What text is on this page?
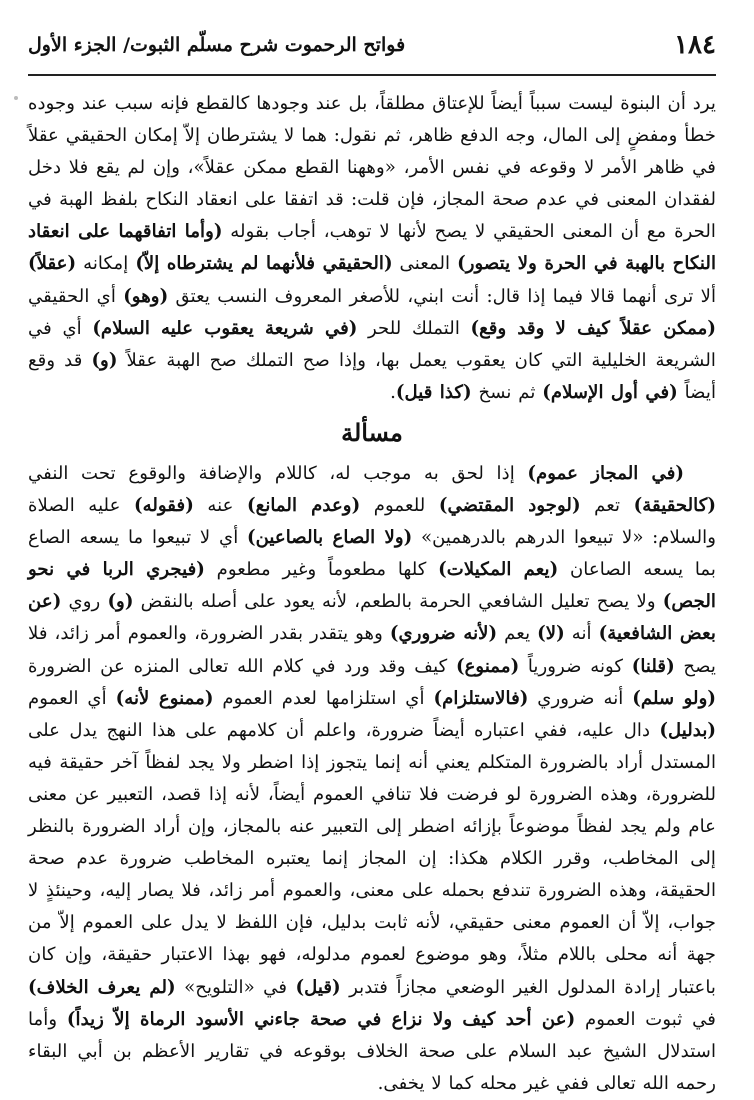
١٨٤
فواتح الرحموت شرح مسلّم الثبوت/ الجزء الأول
يرد أن البنوة ليست سبباً أيضاً للإعتاق مطلقاً، بل عند وجودها كالقطع فإنه سبب عند وجوده خطأ ومفضٍ إلى المال، وجه الدفع ظاهر، ثم نقول: هما لا يشترطان إلاّ إمكان الحقيقي عقلاً في ظاهر الأمر لا وقوعه في نفس الأمر، «وههنا القطع ممكن عقلاً»، وإن لم يقع فلا دخل لفقدان المعنى في عدم صحة المجاز، فإن قلت: قد اتفقا على انعقاد النكاح بلفظ الهبة في الحرة مع أن المعنى الحقيقي لا يصح لأنها لا توهب، أجاب بقوله (وأما اتفاقهما على انعقاد النكاح بالهبة في الحرة ولا يتصور) المعنى (الحقيقي فلأنهما لم يشترطاه إلاّ) إمكانه (عقلاً) ألا ترى أنهما قالا فيما إذا قال: أنت ابني، للأصغر المعروف النسب يعتق (وهو) أي الحقيقي (ممكن عقلاً كيف لا وقد وقع) التملك للحر (في شريعة يعقوب عليه السلام) أي في الشريعة الخليلية التي كان يعقوب يعمل بها، وإذا صح التملك صح الهبة عقلاً (و) قد وقع أيضاً (في أول الإسلام) ثم نسخ (كذا قيل).
مسألة
(في المجاز عموم) إذا لحق به موجب له، كاللام والإضافة والوقوع تحت النفي (كالحقيقة) تعم (لوجود المقتضي) للعموم (وعدم المانع) عنه (فقوله) عليه الصلاة والسلام: «لا تبيعوا الدرهم بالدرهمين» (ولا الصاع بالصاعين) أي لا تبيعوا ما يسعه الصاع بما يسعه الصاعان (يعم المكيلات) كلها مطعوماً وغير مطعوم (فيجري الربا في نحو الجص) ولا يصح تعليل الشافعي الحرمة بالطعم، لأنه يعود على أصله بالنقض (و) روي (عن بعض الشافعية) أنه (لا) يعم (لأنه ضروري) وهو يتقدر بقدر الضرورة، والعموم أمر زائد، فلا يصح (قلنا) كونه ضرورياً (ممنوع) كيف وقد ورد في كلام الله تعالى المنزه عن الضرورة (ولو سلم) أنه ضروري (فالاستلزام) أي استلزامها لعدم العموم (ممنوع لأنه) أي العموم (بدليل) دال عليه، ففي اعتباره أيضاً ضرورة، واعلم أن كلامهم على هذا النهج يدل على المستدل أراد بالضرورة المتكلم يعني أنه إنما يتجوز إذا اضطر ولا يجد لفظاً آخر حقيقة فيه للضرورة، وهذه الضرورة لو فرضت فلا تنافي العموم أيضاً، لأنه إذا قصد، التعبير عن معنى عام ولم يجد لفظاً موضوعاً بإزائه اضطر إلى التعبير عنه بالمجاز، وإن أراد الضرورة بالنظر إلى المخاطب، وقرر الكلام هكذا: إن المجاز إنما يعتبره المخاطب ضرورة عدم صحة الحقيقة، وهذه الضرورة تندفع بحمله على معنى، والعموم أمر زائد، فلا يصار إليه، وحينئذٍ لا جواب، إلاّ أن العموم معنى حقيقي، لأنه ثابت بدليل، فإن اللفظ لا يدل على العموم إلاّ من جهة أنه محلى باللام مثلاً، وهو موضوع لعموم مدلوله، فهو بهذا الاعتبار حقيقة، وإن كان باعتبار إرادة المدلول الغير الوضعي مجازاً فتدبر (قيل) في «التلويح» (لم يعرف الخلاف) في ثبوت العموم (عن أحد كيف ولا نزاع في صحة جاءني الأسود الرماة إلاّ زيداً) وأما استدلال الشيخ عبد السلام على صحة الخلاف بوقوعه في تقارير الأعظم بن أبي البقاء رحمه الله تعالى ففي غير محله كما لا يخفى.
